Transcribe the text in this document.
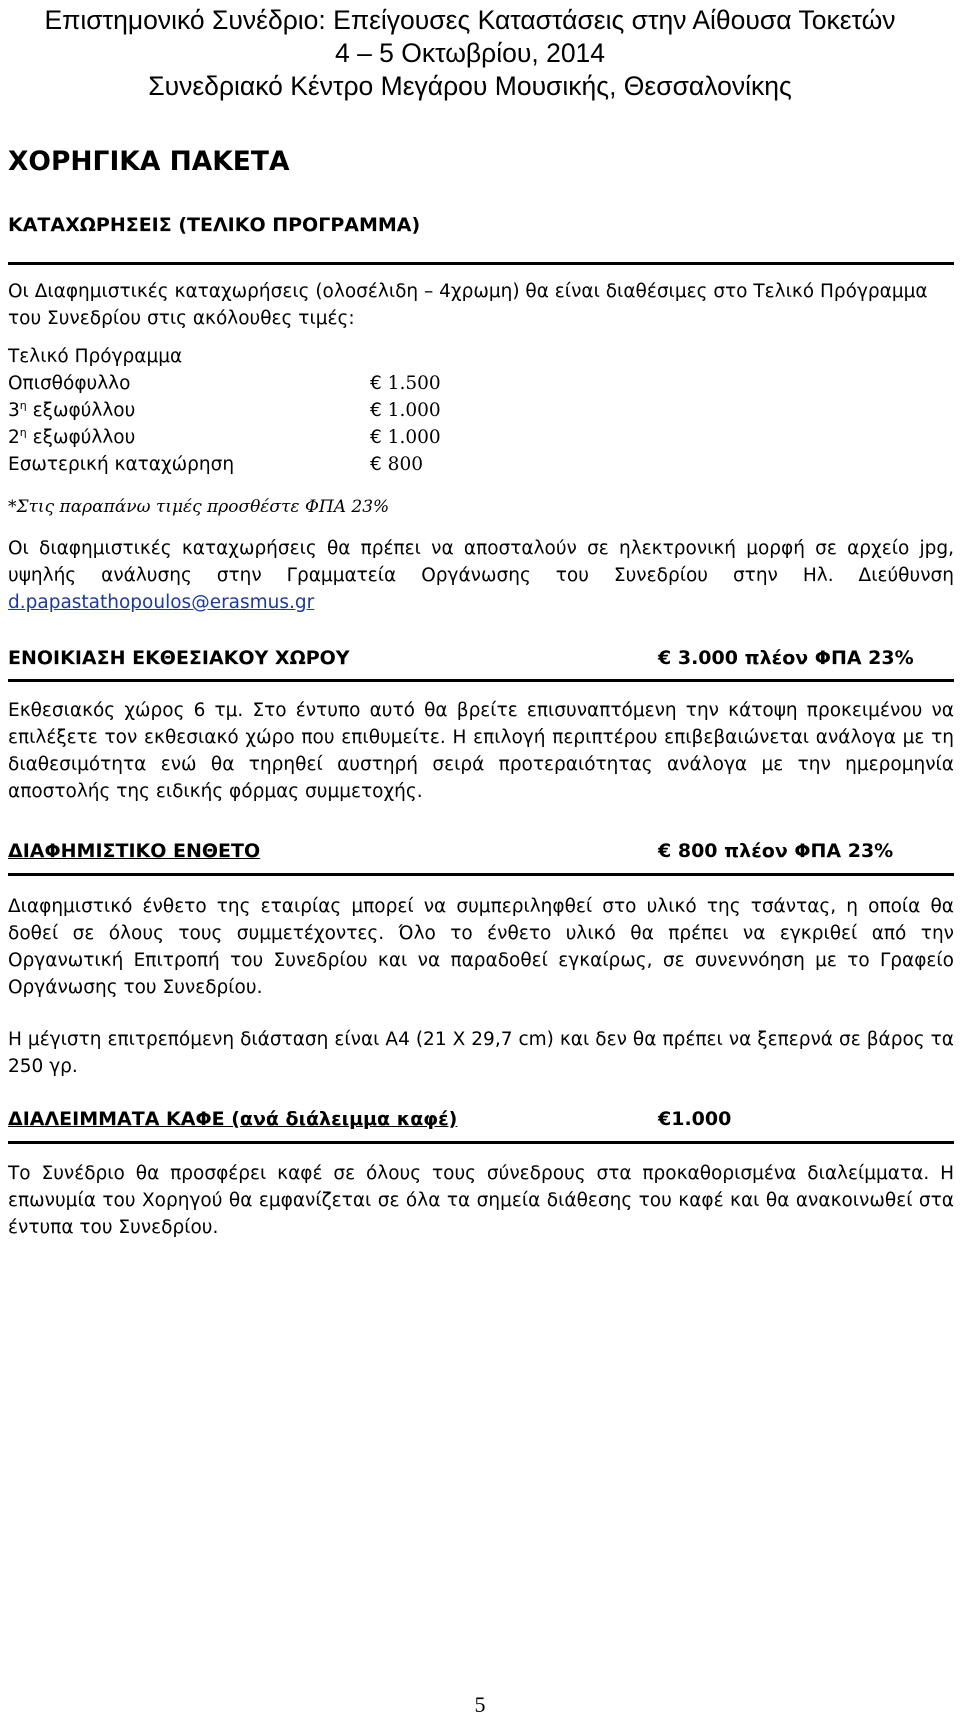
Επιστημονικό Συνέδριο: Επείγουσες Καταστάσεις στην Αίθουσα Τοκετών
4 – 5 Οκτωβρίου, 2014
Συνεδριακό Κέντρο Μεγάρου Μουσικής, Θεσσαλονίκης
ΧΟΡΗΓΙΚΑ ΠΑΚΕΤΑ
ΚΑΤΑΧΩΡΗΣΕΙΣ (ΤΕΛΙΚΟ ΠΡΟΓΡΑΜΜΑ)
Οι Διαφημιστικές καταχωρήσεις (ολοσέλιδη – 4χρωμη) θα είναι διαθέσιμες στο Τελικό Πρόγραμμα του Συνεδρίου στις ακόλουθες τιμές:
Τελικό Πρόγραμμα
Οπισθόφυλλο	€ 1.500
$3^\eta$ εξωφύλλου	€ 1.000
$2^\eta$ εξωφύλλου	€ 1.000
Εσωτερική καταχώρηση	€ 800
*Στις παραπάνω τιμές προσθέστε ΦΠΑ 23%
Οι διαφημιστικές καταχωρήσεις θα πρέπει να αποσταλούν σε ηλεκτρονική μορφή σε αρχείο jpg, υψηλής ανάλυσης στην Γραμματεία Οργάνωσης του Συνεδρίου στην Ηλ. Διεύθυνση d.papastathopoulos@erasmus.gr
ΕΝΟΙΚΙΑΣΗ ΕΚΘΕΣΙΑΚΟΥ ΧΩΡΟΥ	€ 3.000 πλέον ΦΠΑ 23%
Εκθεσιακός χώρος 6 τμ. Στο έντυπο αυτό θα βρείτε επισυναπτόμενη την κάτοψη προκειμένου να επιλέξετε τον εκθεσιακό χώρο που επιθυμείτε. Η επιλογή περιπτέρου επιβεβαιώνεται ανάλογα με τη διαθεσιμότητα ενώ θα τηρηθεί αυστηρή σειρά προτεραιότητας ανάλογα με την ημερομηνία αποστολής της ειδικής φόρμας συμμετοχής.
ΔΙΑΦΗΜΙΣΤΙΚΟ ΕΝΘΕΤΟ	€ 800 πλέον ΦΠΑ 23%
Διαφημιστικό ένθετο της εταιρίας μπορεί να συμπεριληφθεί στο υλικό της τσάντας, η οποία θα δοθεί σε όλους τους συμμετέχοντες. Όλο το ένθετο υλικό θα πρέπει να εγκριθεί από την Οργανωτική Επιτροπή του Συνεδρίου και να παραδοθεί εγκαίρως, σε συνεννόηση με το Γραφείο Οργάνωσης του Συνεδρίου.
Η μέγιστη επιτρεπόμενη διάσταση είναι Α4 (21 Χ 29,7 cm) και δεν θα πρέπει να ξεπερνά σε βάρος τα 250 γρ.
ΔΙΑΛΕΙΜΜΑΤΑ ΚΑΦΕ (ανά διάλειμμα καφέ)	€1.000
Το Συνέδριο θα προσφέρει καφέ σε όλους τους σύνεδρους στα προκαθορισμένα διαλείμματα. Η επωνυμία του Χορηγού θα εμφανίζεται σε όλα τα σημεία διάθεσης του καφέ και θα ανακοινωθεί στα έντυπα του Συνεδρίου.
5
